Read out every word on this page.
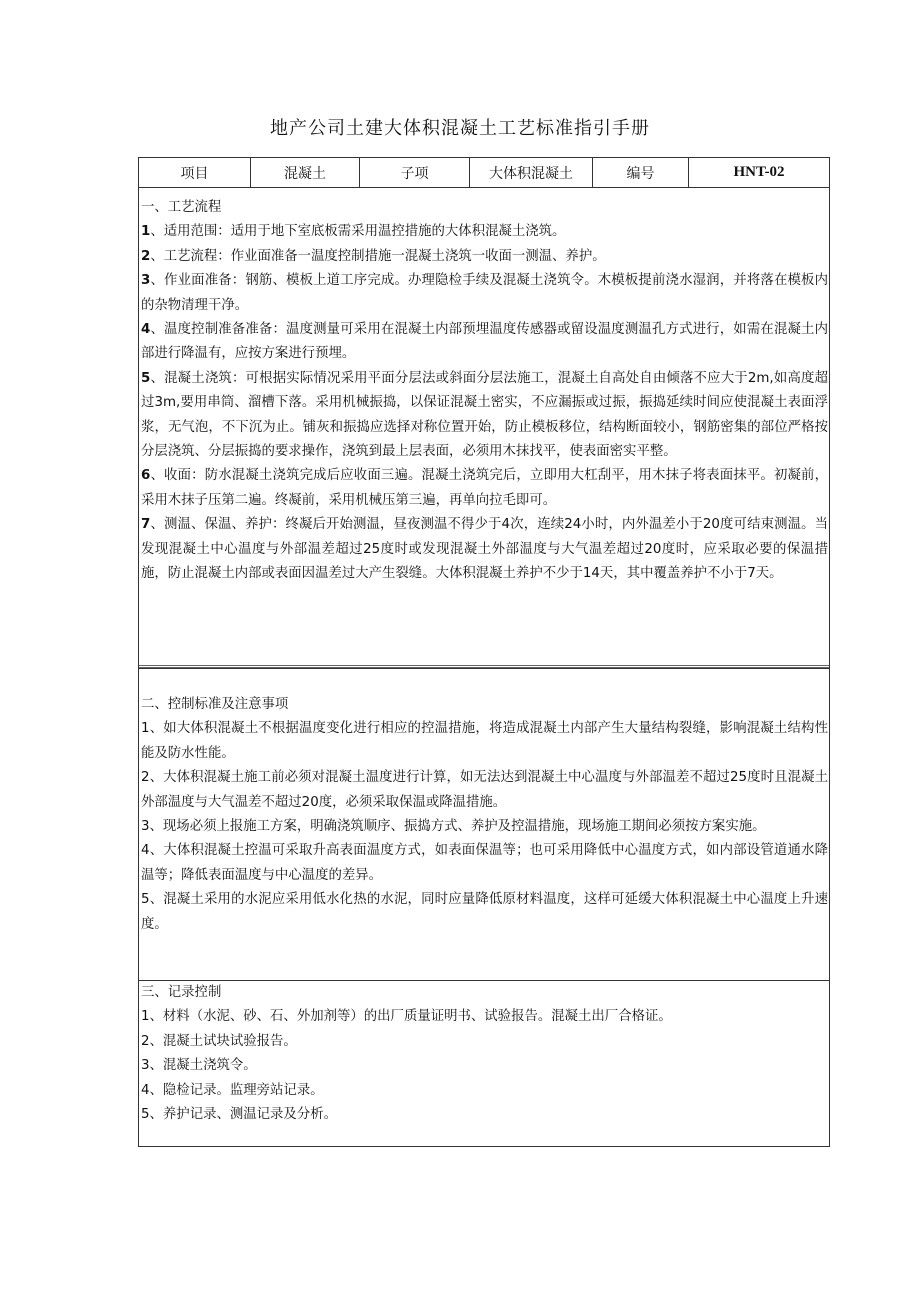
地产公司土建大体积混凝土工艺标准指引手册
项目	混凝土	子项	大体积混凝土	编号	HNT-02
一、工艺流程
1、适用范围：适用于地下室底板需采用温控措施的大体积混凝土浇筑。
2、工艺流程：作业面准备一温度控制措施一混凝土浇筑一收面一测温、养护。
3、作业面准备：钢筋、模板上道工序完成。办理隐检手续及混凝土浇筑令。木模板提前浇水湿润，并将落在模板内的杂物清理干净。
4、温度控制准备准备：温度测量可采用在混凝土内部预埋温度传感器或留设温度测温孔方式进行，如需在混凝土内部进行降温有，应按方案进行预埋。
5、混凝土浇筑：可根据实际情况采用平面分层法或斜面分层法施工，混凝土自高处自由倾落不应大于2m,如高度超过3m,要用串筒、溜槽下落。采用机械振捣，以保证混凝土密实，不应漏振或过振，振捣延续时间应使混凝土表面浮浆，无气泡，不下沉为止。铺灰和振捣应选择对称位置开始，防止模板移位，结构断面较小，钢筋密集的部位严格按分层浇筑、分层振捣的要求操作，浇筑到最上层表面，必须用木抹找平，使表面密实平整。
6、收面：防水混凝土浇筑完成后应收面三遍。混凝土浇筑完后，立即用大杠刮平，用木抹子将表面抹平。初凝前，采用木抹子压第二遍。终凝前，采用机械压第三遍，再单向拉毛即可。
7、测温、保温、养护：终凝后开始测温，昼夜测温不得少于4次，连续24小时，内外温差小于20度可结束测温。当发现混凝土中心温度与外部温差超过25度时或发现混凝土外部温度与大气温差超过20度时，应采取必要的保温措施，防止混凝土内部或表面因温差过大产生裂缝。大体积混凝土养护不少于14天，其中覆盖养护不小于7天。
二、控制标准及注意事项
1、如大体积混凝土不根据温度变化进行相应的控温措施，将造成混凝土内部产生大量结构裂缝，影响混凝土结构性能及防水性能。
2、大体积混凝土施工前必须对混凝土温度进行计算，如无法达到混凝土中心温度与外部温差不超过25度时且混凝土外部温度与大气温差不超过20度，必须采取保温或降温措施。
3、现场必须上报施工方案，明确浇筑顺序、振捣方式、养护及控温措施，现场施工期间必须按方案实施。
4、大体积混凝土控温可采取升高表面温度方式，如表面保温等；也可采用降低中心温度方式，如内部设管道通水降温等；降低表面温度与中心温度的差异。
5、混凝土采用的水泥应采用低水化热的水泥，同时应量降低原材料温度，这样可延缓大体积混凝土中心温度上升速度。
三、记录控制
1、材料（水泥、砂、石、外加剂等）的出厂质量证明书、试验报告。混凝土出厂合格证。
2、混凝土试块试验报告。
3、混凝土浇筑令。
4、隐检记录。监理旁站记录。
5、养护记录、测温记录及分析。
